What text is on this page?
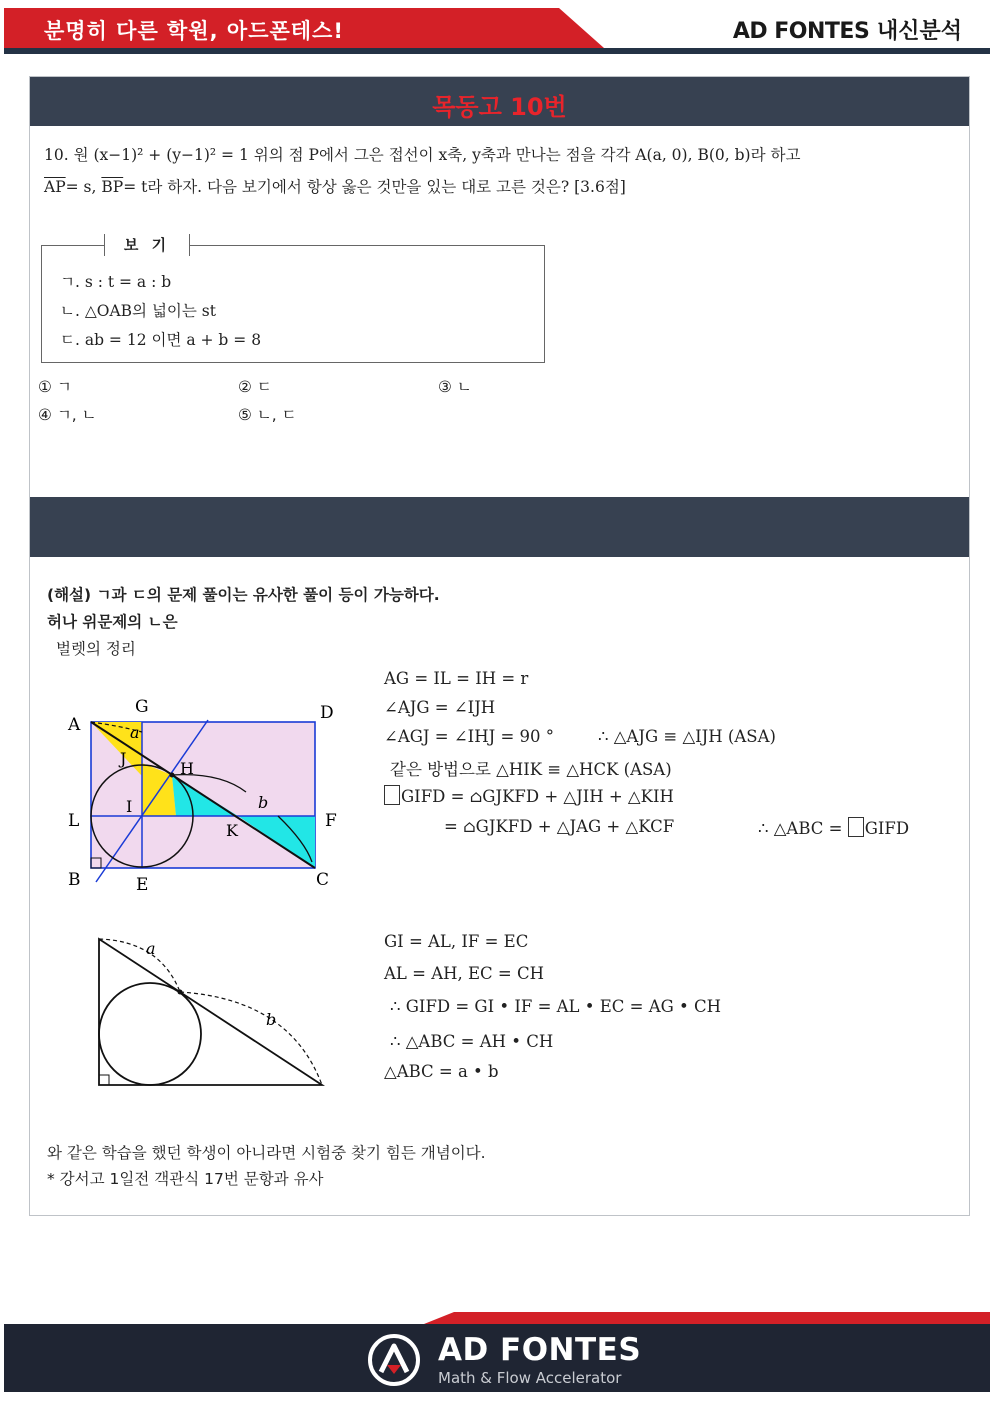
분명히 다른 학원, 아드폰테스!	AD FONTES 내신분석
목동고 10번
10. 원 (x−1)² + (y−1)² = 1 위의 점 P에서 그은 접선이 x축, y축과 만나는 점을 각각 A(a, 0), B(0, b)라 하고
$\overline{AP}= s$, $\overline{BP}= t$라 하자. 다음 보기에서 항상 옳은 것만을 있는 대로 고른 것은? [3.6점]
보 기
ㄱ. s : t = a : b
ㄴ. △OAB의 넓이는 st
ㄷ. ab = 12 이면 a + b = 8
① ㄱ	② ㄷ	③ ㄴ
④ ㄱ, ㄴ	⑤ ㄴ, ㄷ
(해설) ㄱ과 ㄷ의 문제 풀이는 유사한 풀이 등이 가능하다.
허나 위문제의 ㄴ은
벌렛의 정리
A
G	D
J
H
L
I
F
K
B	E	C
a
b
AG = IL = IH = r
∠AJG = ∠IJH
∠AGJ = ∠IHJ = 90 °	∴ △AJG ≡ △IJH (ASA)
같은 방법으로 △HIK ≡ △HCK (ASA)
GIFD = ⌂GJKFD + △JIH + △KIH
= ⌂GJKFD + △JAG + △KCF	∴ △ABC = GIFD
a
b
GI = AL, IF = EC
AL = AH, EC = CH
∴ GIFD = GI • IF = AL • EC = AG • CH
∴ △ABC = AH • CH
△ABC = a • b
와 같은 학습을 했던 학생이 아니라면 시험중 찾기 힘든 개념이다.
* 강서고 1일전 객관식 17번 문항과 유사
AD FONTES
Math & Flow Accelerator
